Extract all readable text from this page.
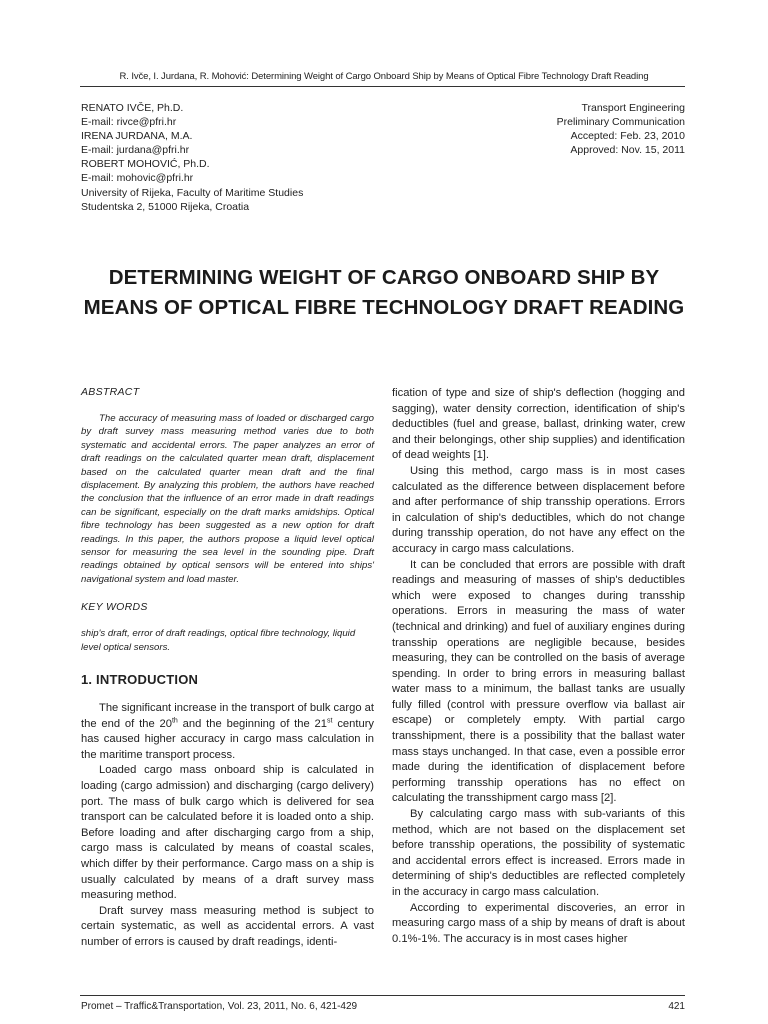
R. Ivče, I. Jurdana, R. Mohović: Determining Weight of Cargo Onboard Ship by Means of Optical Fibre Technology Draft Reading
RENATO IVČE, Ph.D.
E-mail: rivce@pfri.hr
IRENA JURDANA, M.A.
E-mail: jurdana@pfri.hr
ROBERT MOHOVIĆ, Ph.D.
E-mail: mohovic@pfri.hr
University of Rijeka, Faculty of Maritime Studies
Studentska 2, 51000 Rijeka, Croatia
Transport Engineering
Preliminary Communication
Accepted: Feb. 23, 2010
Approved: Nov. 15, 2011
DETERMINING WEIGHT OF CARGO ONBOARD SHIP BY
MEANS OF OPTICAL FIBRE TECHNOLOGY DRAFT READING

ABSTRACT

The accuracy of measuring mass of loaded or discharged cargo by draft survey mass measuring method varies due to both systematic and accidental errors. The paper analyzes an error of draft readings on the calculated quarter mean draft, displacement based on the calculated quarter mean draft and the final displacement. By analyzing this problem, the authors have reached the conclusion that the influence of an error made in draft readings can be significant, especially on the draft marks amidships. Optical fibre technology has been suggested as a new option for draft readings. In this paper, the authors propose a liquid level optical sensor for measuring the sea level in the sounding pipe. Draft readings obtained by optical sensors will be entered into ships' navigational system and load master.

KEY WORDS

ship's draft, error of draft readings, optical fibre technology, liquid level optical sensors.

1. INTRODUCTION

The significant increase in the transport of bulk cargo at the end of the 20th and the beginning of the 21st century has caused higher accuracy in cargo mass calculation in the maritime transport process.

Loaded cargo mass onboard ship is calculated in loading (cargo admission) and discharging (cargo delivery) port. The mass of bulk cargo which is delivered for sea transport can be calculated before it is loaded onto a ship. Before loading and after discharging cargo from a ship, cargo mass is calculated by means of coastal scales, which differ by their performance. Cargo mass on a ship is usually calculated by means of a draft survey mass measuring method.

Draft survey mass measuring method is subject to certain systematic, as well as accidental errors. A vast number of errors is caused by draft readings, identi-

fication of type and size of ship's deflection (hogging and sagging), water density correction, identification of ship's deductibles (fuel and grease, ballast, drinking water, crew and their belongings, other ship supplies) and identification of dead weights [1].

Using this method, cargo mass is in most cases calculated as the difference between displacement before and after performance of ship transship operations. Errors in calculation of ship's deductibles, which do not change during transship operation, do not have any effect on the accuracy in cargo mass calculations.

It can be concluded that errors are possible with draft readings and measuring of masses of ship's deductibles which were exposed to changes during transship operations. Errors in measuring the mass of water (technical and drinking) and fuel of auxiliary engines during transship operations are negligible because, besides measuring, they can be controlled on the basis of average spending. In order to bring errors in measuring ballast water mass to a minimum, the ballast tanks are usually fully filled (control with pressure overflow via ballast air escape) or completely empty. With partial cargo transshipment, there is a possibility that the ballast water mass stays unchanged. In that case, even a possible error made during the identification of displacement before performing transship operations has no effect on calculating the transshipment cargo mass [2].

By calculating cargo mass with sub-variants of this method, which are not based on the displacement set before transship operations, the possibility of systematic and accidental errors effect is increased. Errors made in determining of ship's deductibles are reflected completely in the accuracy in cargo mass calculation.

According to experimental discoveries, an error in measuring cargo mass of a ship by means of draft is about 0.1%-1%. The accuracy is in most cases higher

Promet – Traffic&Transportation, Vol. 23, 2011, No. 6, 421-429	421
